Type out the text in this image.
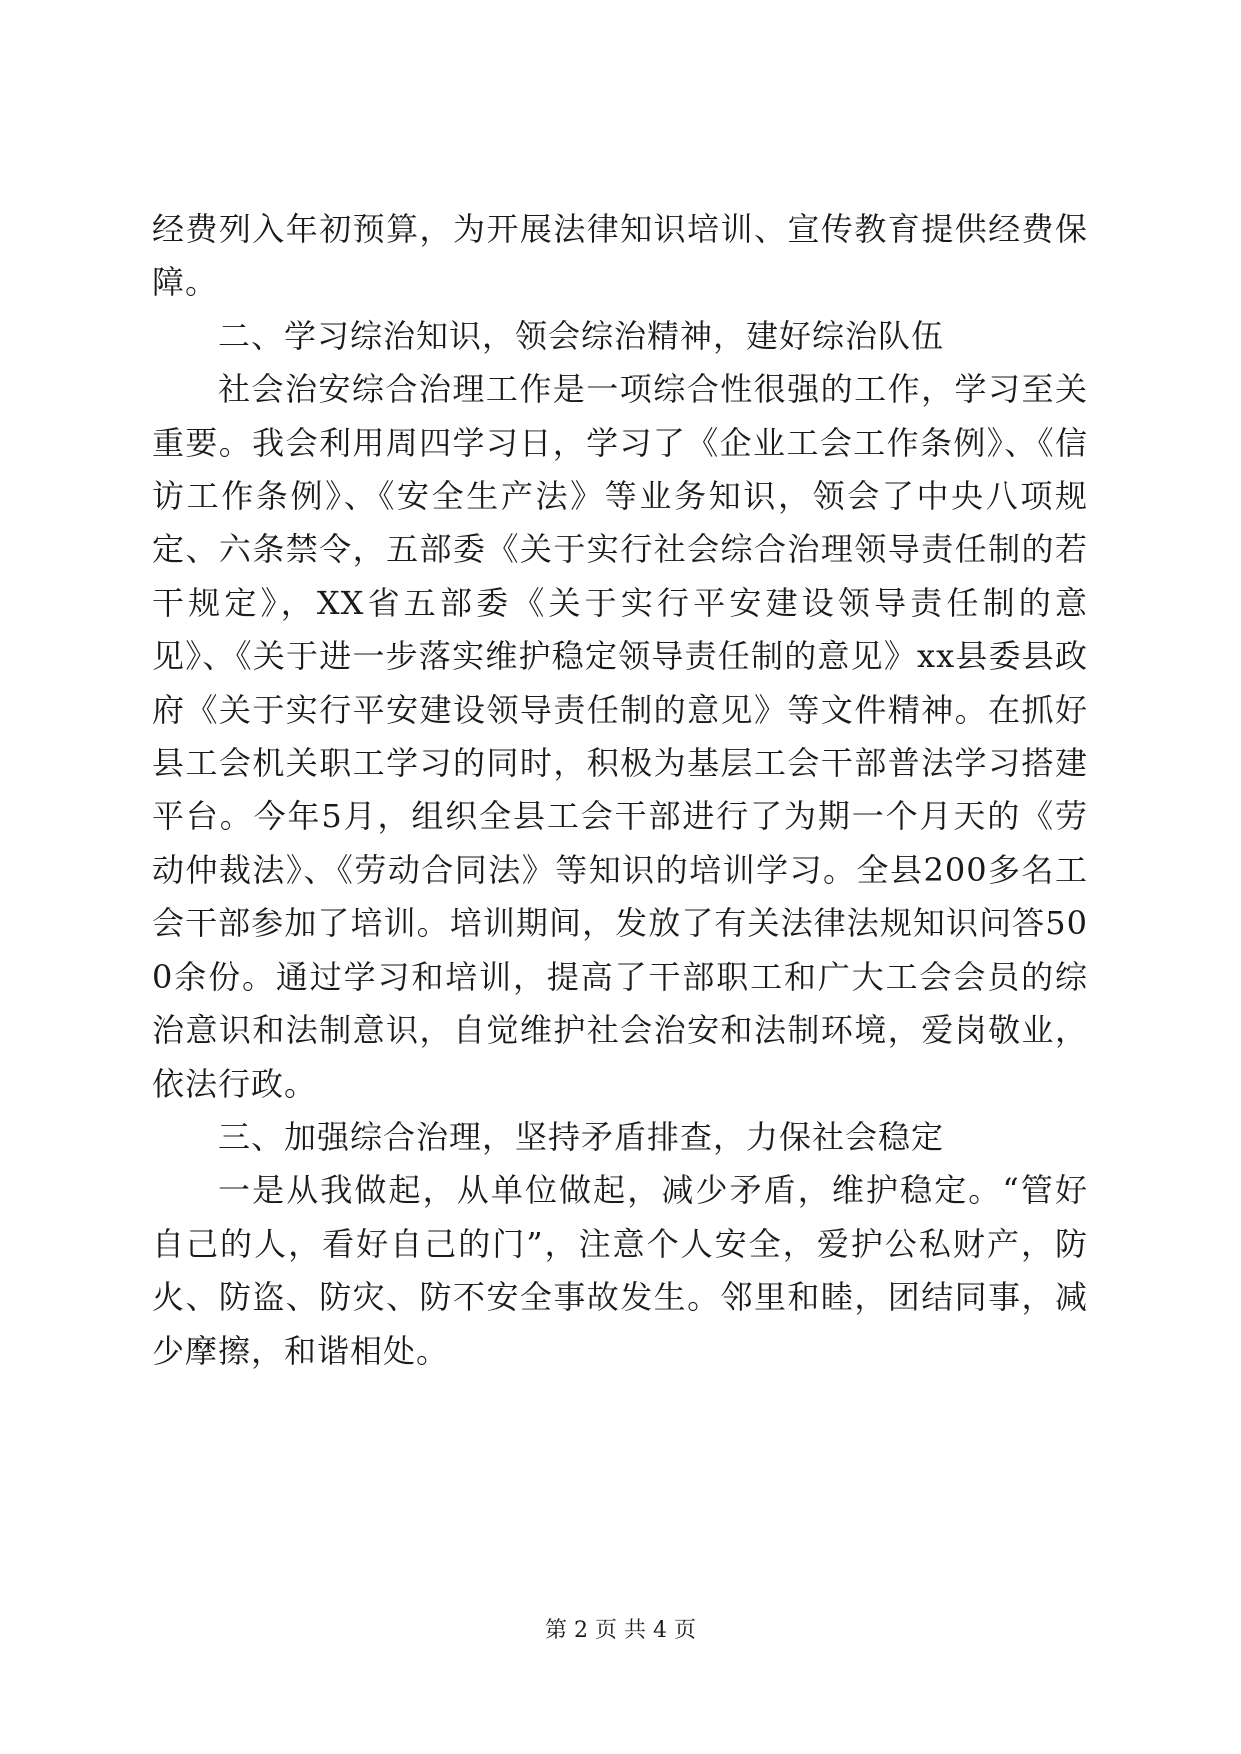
经费列入年初预算，为开展法律知识培训、宣传教育提供经费保障。

二、学习综治知识，领会综治精神，建好综治队伍

社会治安综合治理工作是一项综合性很强的工作，学习至关重要。我会利用周四学习日，学习了《企业工会工作条例》、《信访工作条例》、《安全生产法》等业务知识，领会了中央八项规定、六条禁令，五部委《关于实行社会综合治理领导责任制的若干规定》，XX省五部委《关于实行平安建设领导责任制的意见》、《关于进一步落实维护稳定领导责任制的意见》xx县委县政府《关于实行平安建设领导责任制的意见》等文件精神。在抓好县工会机关职工学习的同时，积极为基层工会干部普法学习搭建平台。今年5月，组织全县工会干部进行了为期一个月天的《劳动仲裁法》、《劳动合同法》等知识的培训学习。全县200多名工会干部参加了培训。培训期间，发放了有关法律法规知识问答500余份。通过学习和培训，提高了干部职工和广大工会会员的综治意识和法制意识，自觉维护社会治安和法制环境，爱岗敬业，依法行政。

三、加强综合治理，坚持矛盾排查，力保社会稳定

一是从我做起，从单位做起，减少矛盾，维护稳定。“管好自己的人，看好自己的门”，注意个人安全，爱护公私财产，防火、防盗、防灾、防不安全事故发生。邻里和睦，团结同事，减少摩擦，和谐相处。

第 2 页 共 4 页
